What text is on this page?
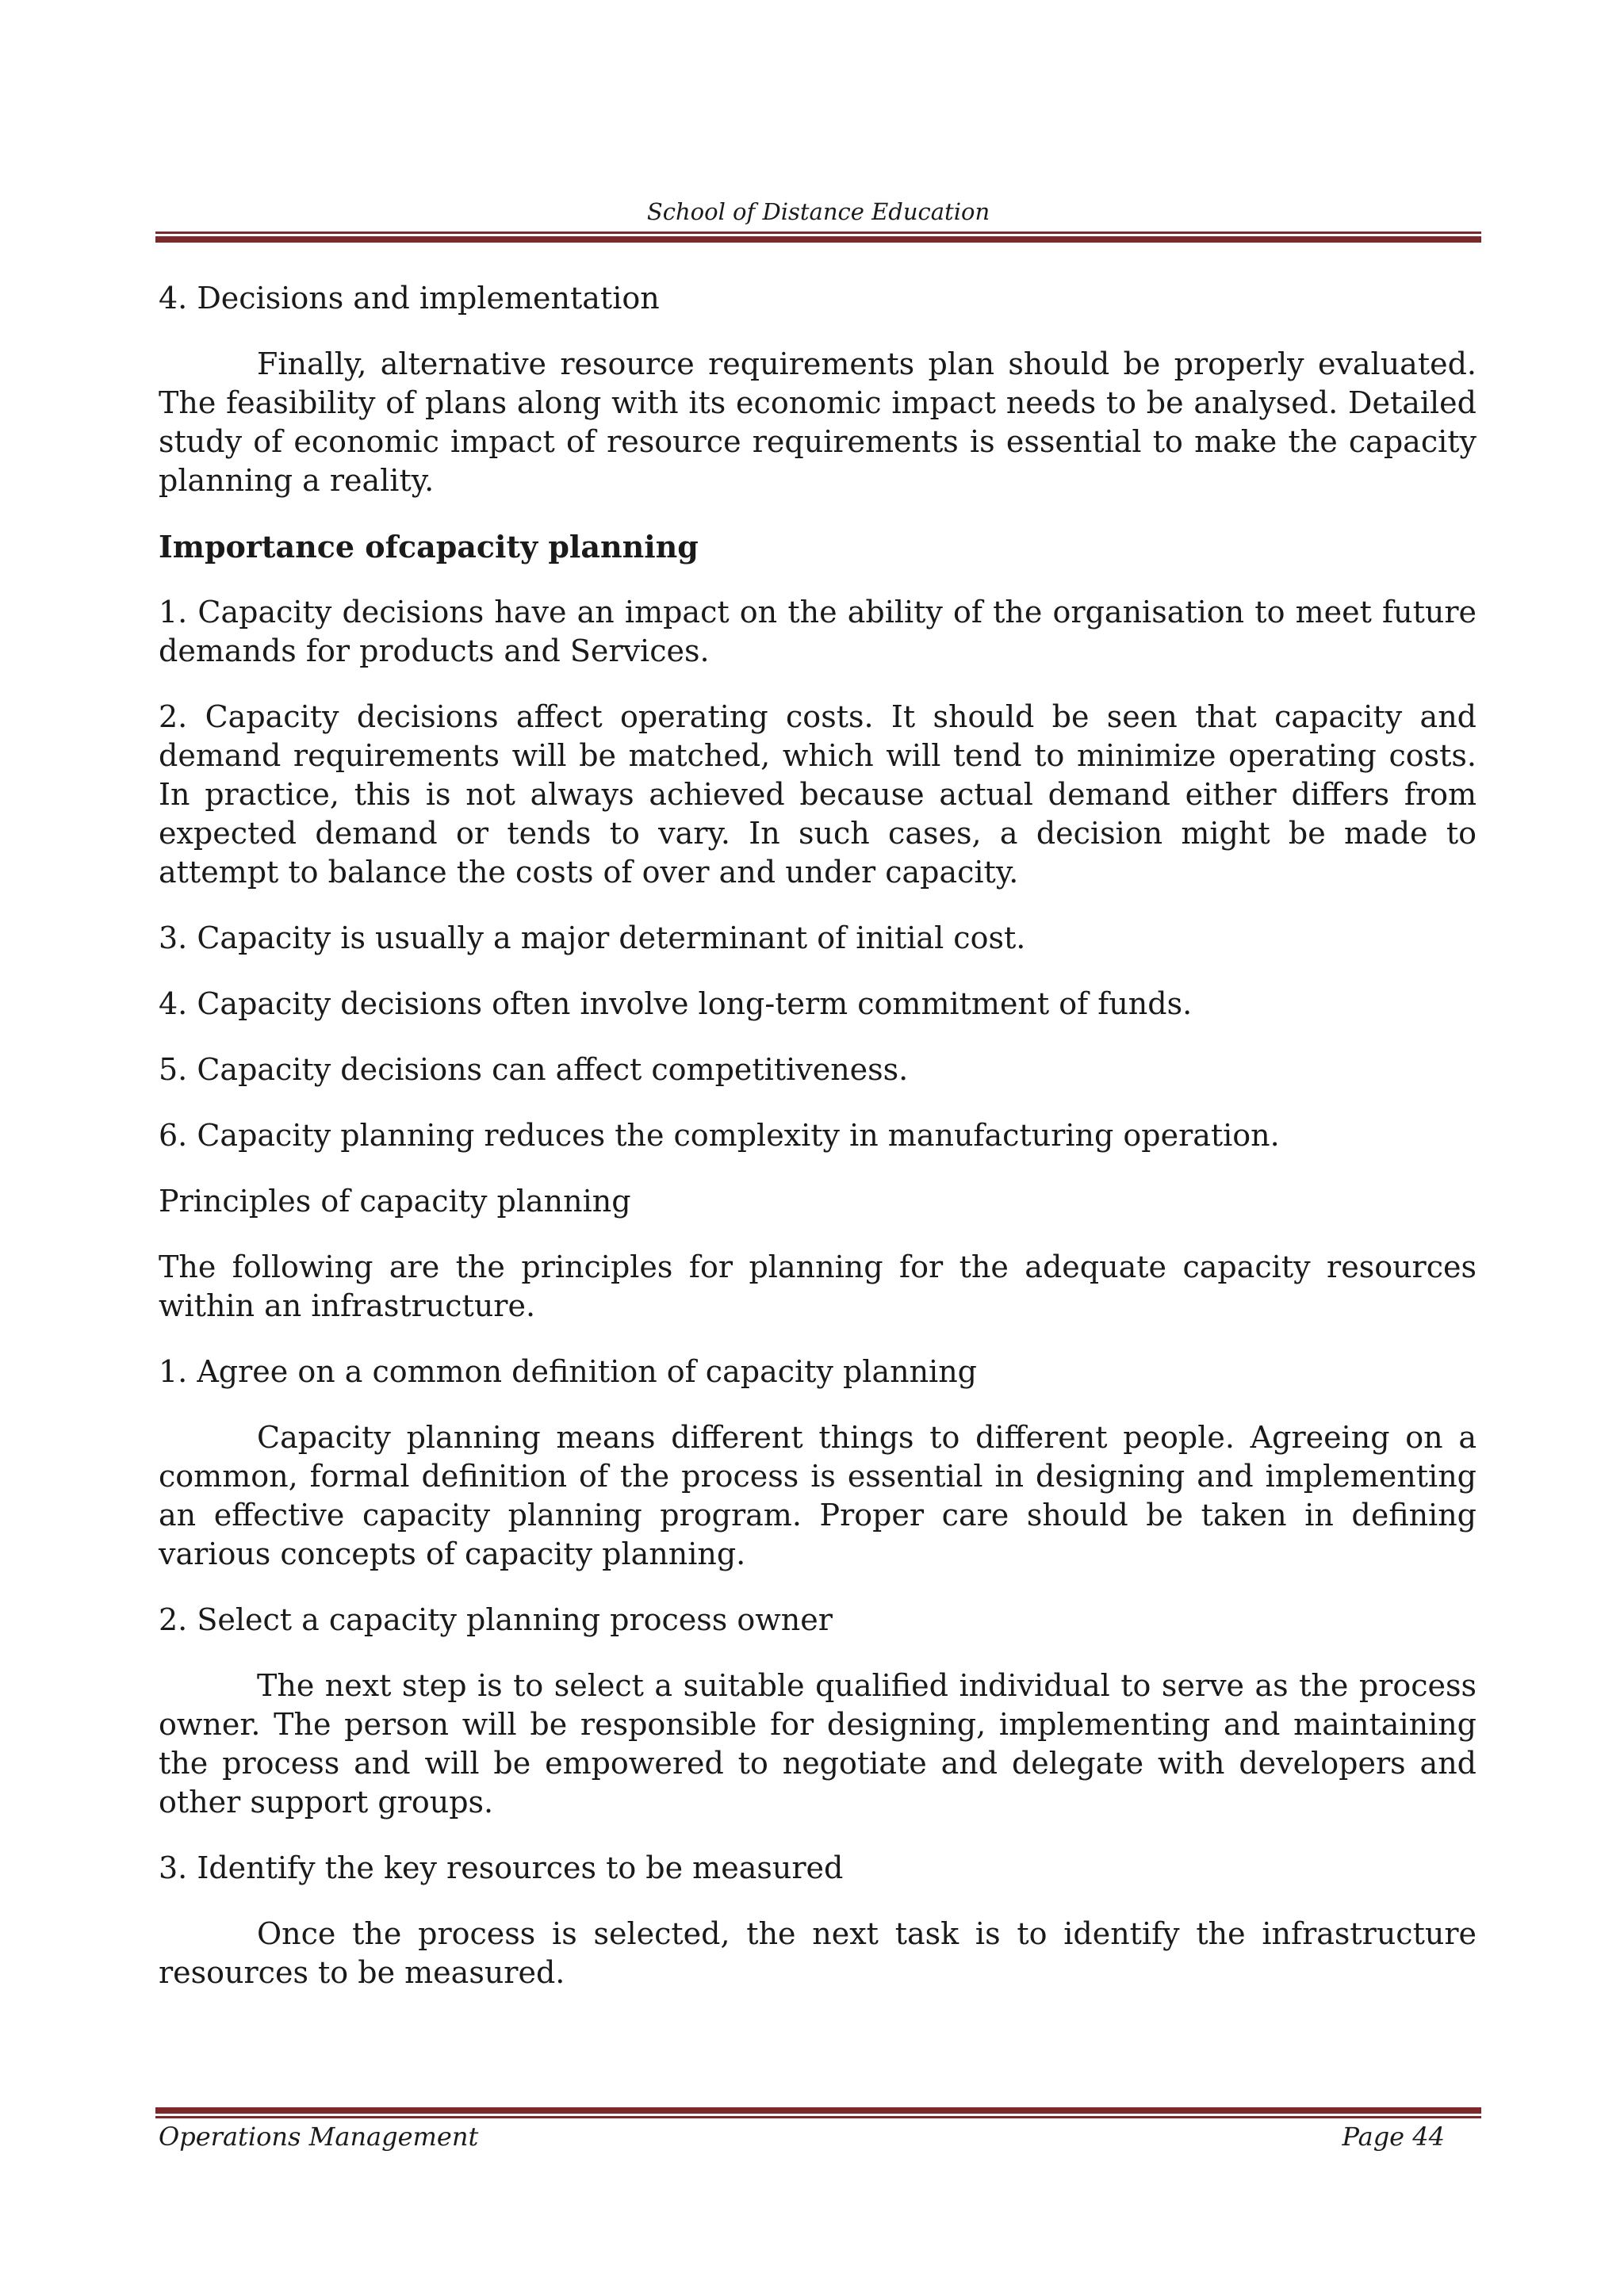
School of Distance Education

4. Decisions and implementation

Finally, alternative resource requirements plan should be properly evaluated. The feasibility of plans along with its economic impact needs to be analysed. Detailed study of economic impact of resource requirements is essential to make the capacity planning a reality.

Importance ofcapacity planning

1. Capacity decisions have an impact on the ability of the organisation to meet future demands for products and Services.

2. Capacity decisions affect operating costs. It should be seen that capacity and demand requirements will be matched, which will tend to minimize operating costs. In practice, this is not always achieved because actual demand either differs from expected demand or tends to vary. In such cases, a decision might be made to attempt to balance the costs of over and under capacity.

3. Capacity is usually a major determinant of initial cost.

4. Capacity decisions often involve long-term commitment of funds.

5. Capacity decisions can affect competitiveness.

6. Capacity planning reduces the complexity in manufacturing operation.

Principles of capacity planning

The following are the principles for planning for the adequate capacity resources within an infrastructure.

1. Agree on a common definition of capacity planning

Capacity planning means different things to different people. Agreeing on a common, formal definition of the process is essential in designing and implementing an effective capacity planning program. Proper care should be taken in defining various concepts of capacity planning.

2. Select a capacity planning process owner

The next step is to select a suitable qualified individual to serve as the process owner. The person will be responsible for designing, implementing and maintaining the process and will be empowered to negotiate and delegate with developers and other support groups.

3. Identify the key resources to be measured

Once the process is selected, the next task is to identify the infrastructure resources to be measured.

Operations Management	Page 44
